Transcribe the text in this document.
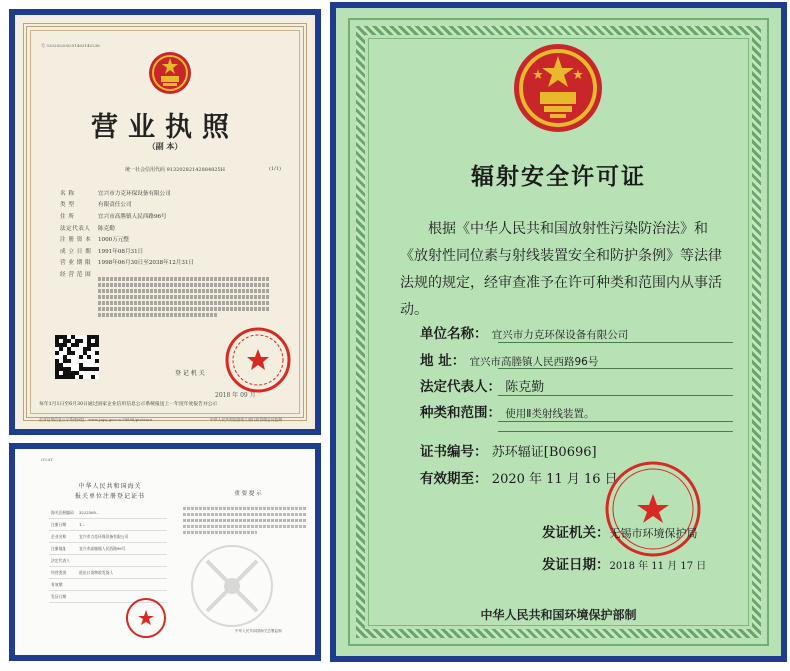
号 320282000291463140238
营业执照
（副 本）
统一社会信用代码 91320282142884825H	(1/1)
名 称	宜兴市力克环保设备有限公司
类 型	有限责任公司
住 所	宜兴市高塍镇人民西路96号
法定代表人	陈克勤
注 册 资 本	1000万元整
成 立 日 期	1991年08月31日
营 业 期 限	1998年06月30日至2038年12月31日
经 营 范 围
登 记 机 关
2018 年 09 月
每年1月1日至6月30日通过国家企业信用信息公示系统报送上一年度年度报告并公示
企业信用信息公示系统网址：www.jsgsj.gov.cn:58888/province	中华人民共和国国家工商行政管理总局监制
辐射安全许可证
根据《中华人民共和国放射性污染防治法》和《放射性同位素与射线装置安全和防护条例》等法律法规的规定，经审查准予在许可种类和范围内从事活动。
单位名称： 宜兴市力克环保设备有限公司
地 址： 宜兴市高塍镇人民西路96号
法定代表人： 陈克勤
种类和范围： 使用Ⅱ类射线装置。
证书编号： 苏环辐证[B0696]
有效期至： 2020 年 11 月 16 日
发证机关：无锡市环境保护局
发证日期：2018 年 11 月 17 日
中华人民共和国环境保护部制
QUAT
中华人民共和国海关
报关单位注册登记证书
海关注册编码	3222360...
注册日期	1...
企业名称	宜兴市力克环保设备有限公司
注册地址	宜兴市高塍镇人民西路96号
法定代表人
经营类别	进出口货物收发货人
有效期
发证日期
重 要 提 示
中华人民共和国海关总署监制
